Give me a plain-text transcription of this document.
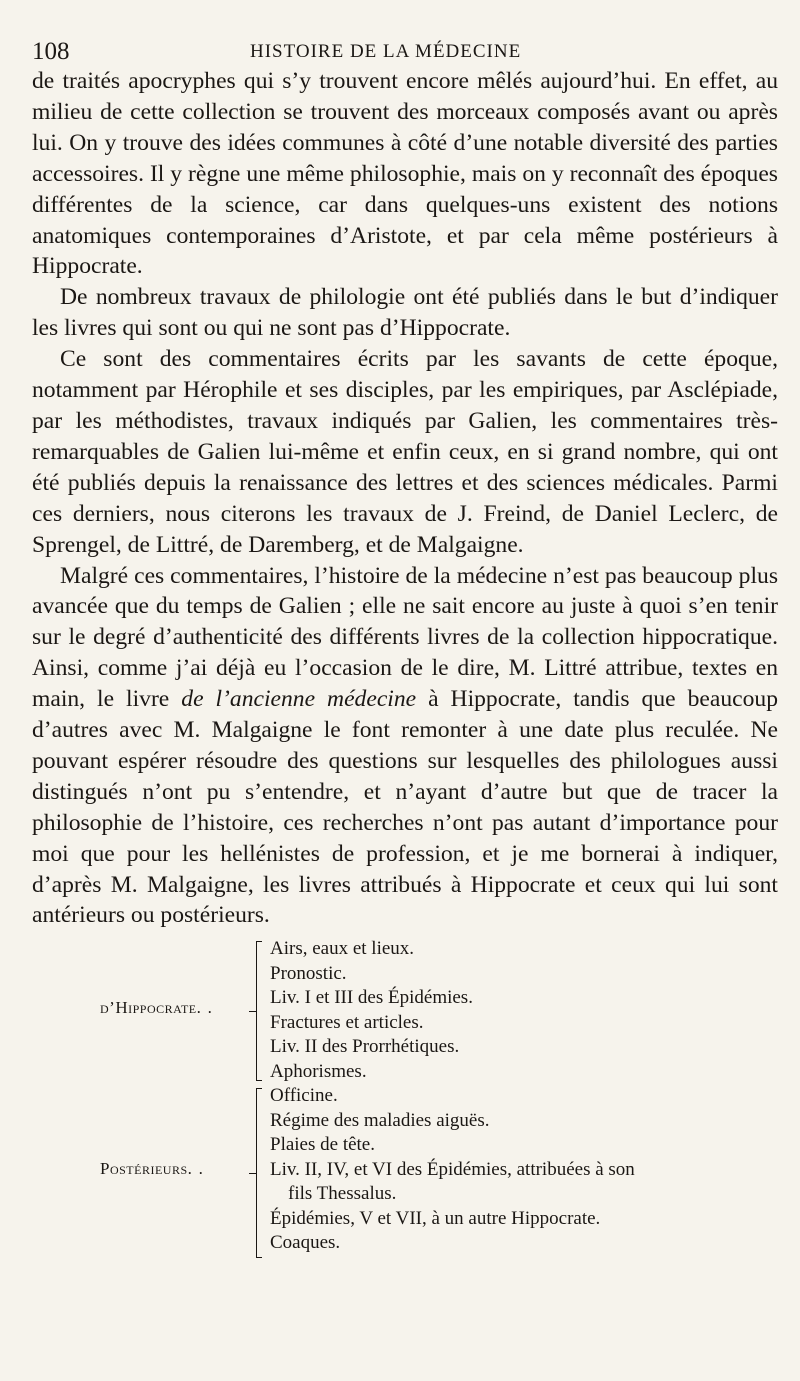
108	HISTOIRE DE LA MÉDECINE

de traités apocryphes qui s’y trouvent encore mêlés aujourd’hui. En effet, au milieu de cette collection se trouvent des morceaux composés avant ou après lui. On y trouve des idées communes à côté d’une notable diversité des parties accessoires. Il y règne une même philosophie, mais on y reconnaît des époques différentes de la science, car dans quelques-uns existent des notions anatomiques contemporaines d’Aristote, et par cela même postérieurs à Hippocrate.

De nombreux travaux de philologie ont été publiés dans le but d’indiquer les livres qui sont ou qui ne sont pas d’Hippocrate.

Ce sont des commentaires écrits par les savants de cette époque, notamment par Hérophile et ses disciples, par les empiriques, par Asclépiade, par les méthodistes, travaux indiqués par Galien, les commentaires très-remarquables de Galien lui-même et enfin ceux, en si grand nombre, qui ont été publiés depuis la renaissance des lettres et des sciences médicales. Parmi ces derniers, nous citerons les travaux de J. Freind, de Daniel Leclerc, de Sprengel, de Littré, de Daremberg, et de Malgaigne.

Malgré ces commentaires, l’histoire de la médecine n’est pas beaucoup plus avancée que du temps de Galien ; elle ne sait encore au juste à quoi s’en tenir sur le degré d’authenticité des différents livres de la collection hippocratique. Ainsi, comme j’ai déjà eu l’occasion de le dire, M. Littré attribue, textes en main, le livre de l’ancienne médecine à Hippocrate, tandis que beaucoup d’autres avec M. Malgaigne le font remonter à une date plus reculée. Ne pouvant espérer résoudre des questions sur lesquelles des philologues aussi distingués n’ont pu s’entendre, et n’ayant d’autre but que de tracer la philosophie de l’histoire, ces recherches n’ont pas autant d’importance pour moi que pour les hellénistes de profession, et je me bornerai à indiquer, d’après M. Malgaigne, les livres attribués à Hippocrate et ceux qui lui sont antérieurs ou postérieurs.

d’Hippocrate. .
Airs, eaux et lieux.
Pronostic.
Liv. I et III des Épidémies.
Fractures et articles.
Liv. II des Prorrhétiques.
Aphorismes.
Postérieurs. .
Officine.
Régime des maladies aiguës.
Plaies de tête.
Liv. II, IV, et VI des Épidémies, attribuées à son
fils Thessalus.
Épidémies, V et VII, à un autre Hippocrate.
Coaques.
